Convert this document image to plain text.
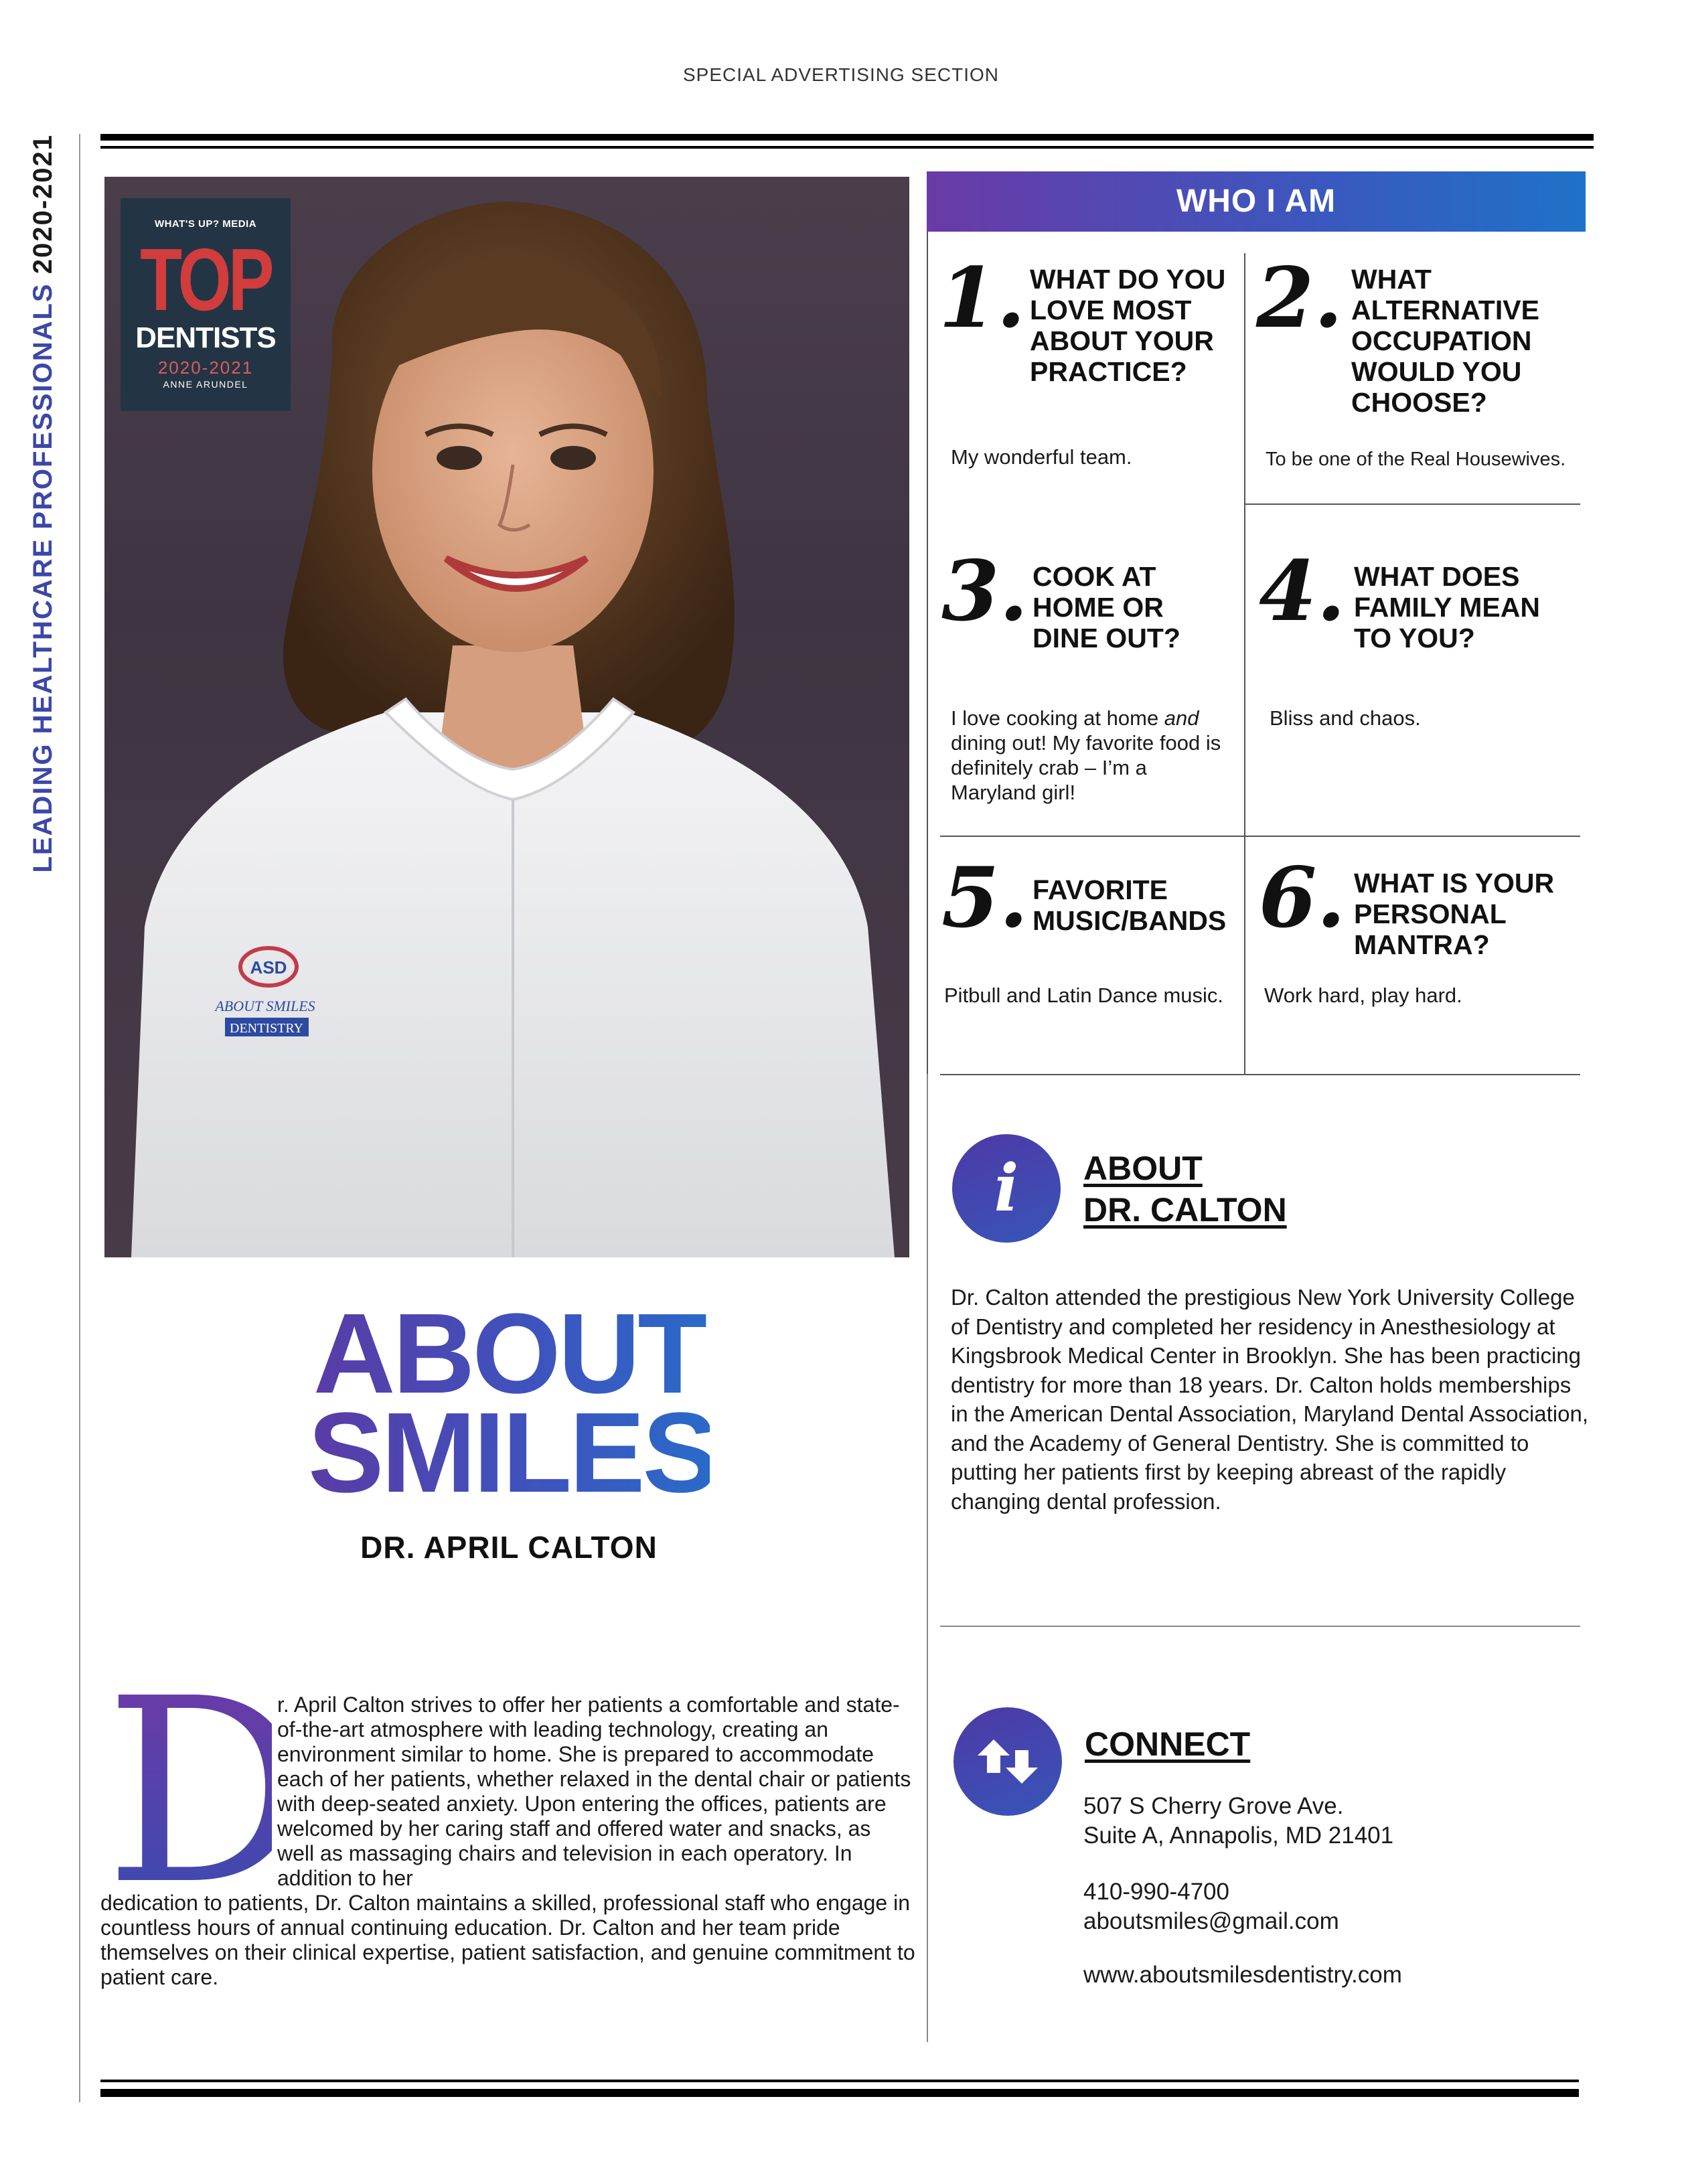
SPECIAL ADVERTISING SECTION
LEADING HEALTHCARE PROFESSIONALS 2020-2021
ASD
ABOUT SMILES
DENTISTRY
WHAT'S UP? MEDIA
TOP
DENTISTS
2020-2021
ANNE ARUNDEL
ABOUT
SMILES
DR. APRIL CALTON
D
r. April Calton strives to offer her patients a comfortable and state-of-the-art atmosphere with leading technology, creating an environment similar to home. She is prepared to accommodate each of her patients, whether relaxed in the dental chair or patients with deep-seated anxiety. Upon entering the offices, patients are welcomed by her caring staff and offered water and snacks, as well as massaging chairs and television in each operatory. In addition to her
dedication to patients, Dr. Calton maintains a skilled, professional staff who engage in countless hours of annual continuing education. Dr. Calton and her team pride themselves on their clinical expertise, patient satisfaction, and genuine commitment to patient care.
WHO I AM
1. WHAT DO YOU LOVE MOST ABOUT YOUR PRACTICE?
My wonderful team.
2. WHAT ALTERNATIVE OCCUPATION WOULD YOU CHOOSE?
To be one of the Real Housewives.
3. COOK AT HOME OR DINE OUT?
I love cooking at home and dining out! My favorite food is definitely crab – I’m a Maryland girl!
4. WHAT DOES FAMILY MEAN TO YOU?
Bliss and chaos.
5. FAVORITE MUSIC/BANDS
Pitbull and Latin Dance music.
6. WHAT IS YOUR PERSONAL MANTRA?
Work hard, play hard.
i	ABOUT
DR. CALTON
Dr. Calton attended the prestigious New York University College of Dentistry and completed her residency in Anesthesiology at Kingsbrook Medical Center in Brooklyn. She has been practicing dentistry for more than 18 years. Dr. Calton holds memberships in the American Dental Association, Maryland Dental Association, and the Academy of General Dentistry. She is committed to putting her patients first by keeping abreast of the rapidly changing dental profession.
CONNECT
507 S Cherry Grove Ave.
Suite A, Annapolis, MD 21401
410-990-4700
aboutsmiles@gmail.com
www.aboutsmilesdentistry.com
